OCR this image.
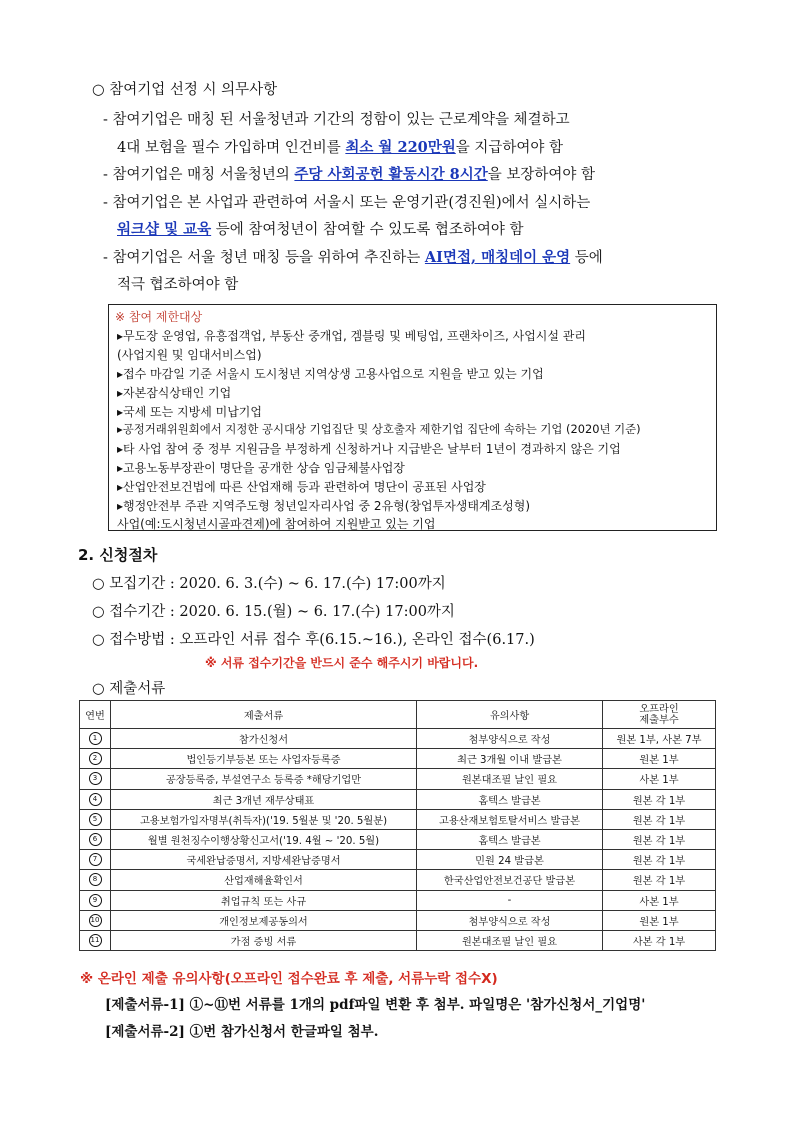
○ 참여기업 선정 시 의무사항
- 참여기업은 매칭 된 서울청년과 기간의 정함이 있는 근로계약을 체결하고
4대 보험을 필수 가입하며 인건비를 최소 월 220만원을 지급하여야 함
- 참여기업은 매칭 서울청년의 주당 사회공헌 활동시간 8시간을 보장하여야 함
- 참여기업은 본 사업과 관련하여 서울시 또는 운영기관(경진원)에서 실시하는
워크샵 및 교육 등에 참여청년이 참여할 수 있도록 협조하여야 함
- 참여기업은 서울 청년 매칭 등을 위하여 추진하는 AI면접, 매칭데이 운영 등에
적극 협조하여야 함
※ 참여 제한대상
▸무도장 운영업, 유흥접객업, 부동산 중개업, 겜블링 및 베팅업, 프랜차이즈, 사업시설 관리
(사업지원 및 임대서비스업)
▸접수 마감일 기준 서울시 도시청년 지역상생 고용사업으로 지원을 받고 있는 기업
▸자본잠식상태인 기업
▸국세 또는 지방세 미납기업
▸공정거래위원회에서 지정한 공시대상 기업집단 및 상호출자 제한기업 집단에 속하는 기업 (2020년 기준)
▸타 사업 참여 중 정부 지원금을 부정하게 신청하거나 지급받은 날부터 1년이 경과하지 않은 기업
▸고용노동부장관이 명단을 공개한 상습 임금체불사업장
▸산업안전보건법에 따른 산업재해 등과 관련하여 명단이 공표된 사업장
▸행정안전부 주관 지역주도형 청년일자리사업 중 2유형(창업투자생태계조성형)
사업(예:도시청년시골파견제)에 참여하여 지원받고 있는 기업
2. 신청절차
○ 모집기간 : 2020. 6. 3.(수) ~ 6. 17.(수) 17:00까지
○ 접수기간 : 2020. 6. 15.(월) ~ 6. 17.(수) 17:00까지
○ 접수방법 : 오프라인 서류 접수 후(6.15.~16.), 온라인 접수(6.17.)
※ 서류 접수기간을 반드시 준수 해주시기 바랍니다.
○ 제출서류
연번	제출서류	유의사항	오프라인
제출부수
1	참가신청서	첨부양식으로 작성	원본 1부, 사본 7부
2	법인등기부등본 또는 사업자등록증	최근 3개월 이내 발급본	원본 1부
3	공장등록증, 부설연구소 등록증 *해당기업만	원본대조필 날인 필요	사본 1부
4	최근 3개년 재무상태표	홈텍스 발급본	원본 각 1부
5	고용보험가입자명부(취득자)('19. 5월분 및 '20. 5월분)	고용산재보험토탈서비스 발급본	원본 각 1부
6	월별 원천징수이행상황신고서('19. 4월 ~ '20. 5월)	홈텍스 발급본	원본 각 1부
7	국세완납증명서, 지방세완납증명서	민원 24 발급본	원본 각 1부
8	산업재해율확인서	한국산업안전보건공단 발급본	원본 각 1부
9	취업규칙 또는 사규	-	사본 1부
10	개인정보제공동의서	첨부양식으로 작성	원본 1부
11	가점 증빙 서류	원본대조필 날인 필요	사본 각 1부
※ 온라인 제출 유의사항(오프라인 접수완료 후 제출, 서류누락 접수X)
[제출서류-1] ①~⑪번 서류를 1개의 pdf파일 변환 후 첨부. 파일명은 '참가신청서_기업명'
[제출서류-2] ①번 참가신청서 한글파일 첨부.
